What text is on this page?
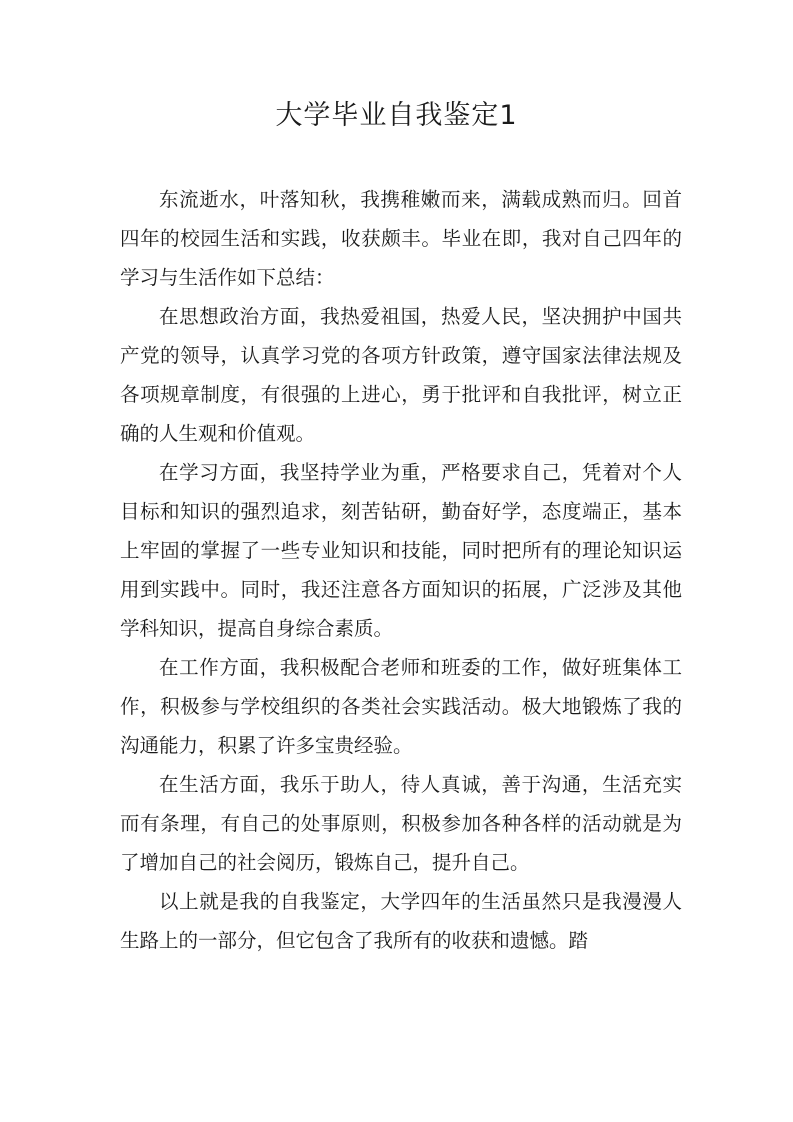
大学毕业自我鉴定1

东流逝水，叶落知秋，我携稚嫩而来，满载成熟而归。回首四年的校园生活和实践，收获颇丰。毕业在即，我对自己四年的学习与生活作如下总结：

在思想政治方面，我热爱祖国，热爱人民，坚决拥护中国共产党的领导，认真学习党的各项方针政策，遵守国家法律法规及各项规章制度，有很强的上进心，勇于批评和自我批评，树立正确的人生观和价值观。

在学习方面，我坚持学业为重，严格要求自己，凭着对个人目标和知识的强烈追求，刻苦钻研，勤奋好学，态度端正，基本上牢固的掌握了一些专业知识和技能，同时把所有的理论知识运用到实践中。同时，我还注意各方面知识的拓展，广泛涉及其他学科知识，提高自身综合素质。

在工作方面，我积极配合老师和班委的工作，做好班集体工作，积极参与学校组织的各类社会实践活动。极大地锻炼了我的沟通能力，积累了许多宝贵经验。

在生活方面，我乐于助人，待人真诚，善于沟通，生活充实而有条理，有自己的处事原则，积极参加各种各样的活动就是为了增加自己的社会阅历，锻炼自己，提升自己。

以上就是我的自我鉴定，大学四年的生活虽然只是我漫漫人生路上的一部分，但它包含了我所有的收获和遗憾。踏
